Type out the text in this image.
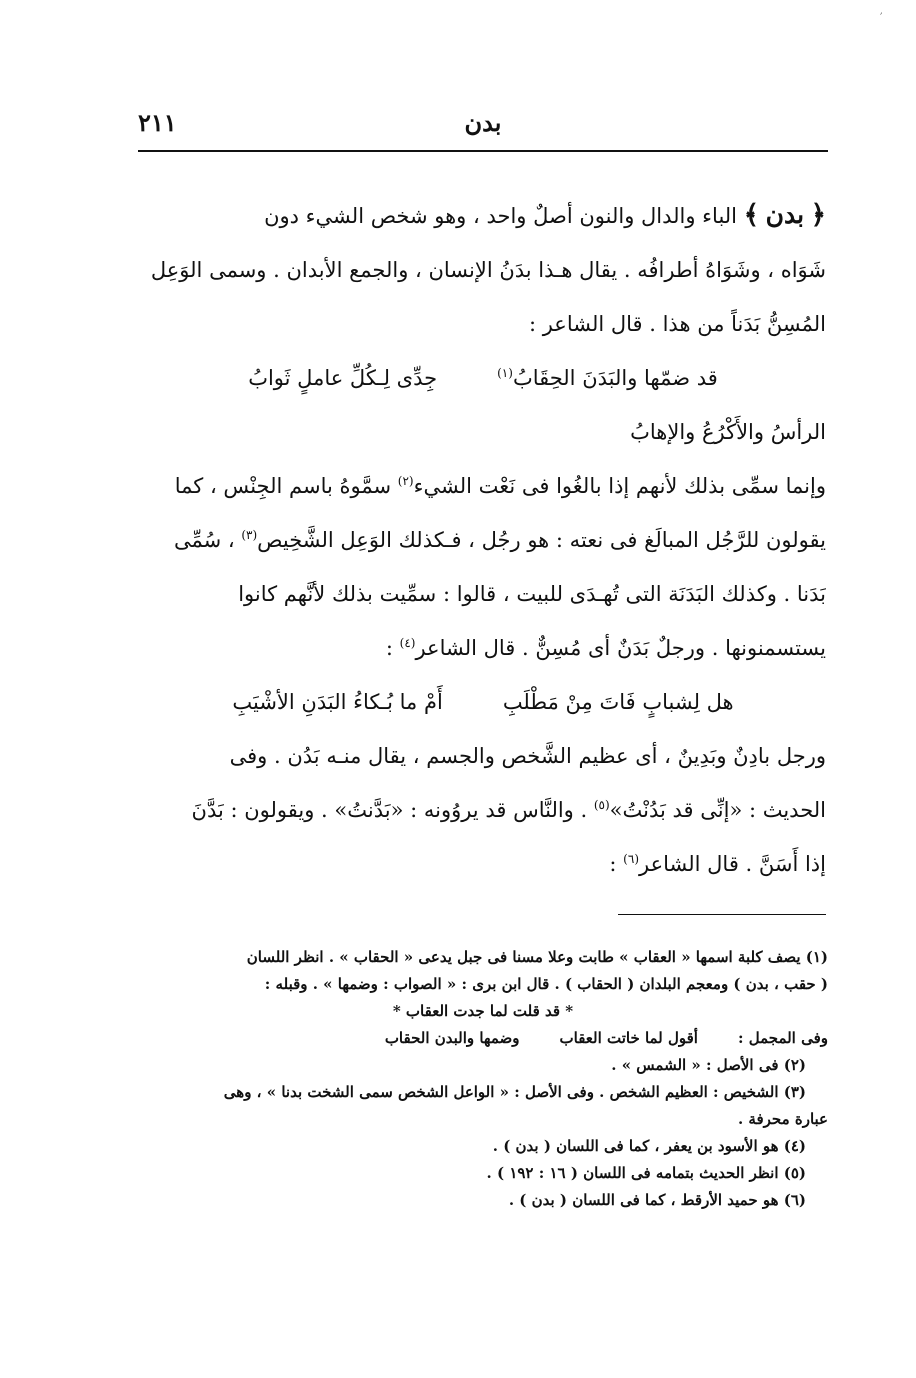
׳
بدن
٢١١
﴿ بدن ﴾ الباء والدال والنون أصلٌ واحد ، وهو شخص الشيء دون
شَوَاه ، وشَوَاهُ أطرافُه . يقال هـذا بدَنُ الإنسان ، والجمع الأبدان . وسمى الوَعِل
المُسِنُّ بَدَناً من هذا . قال الشاعر :
قد ضمّها والبَدَنَ الحِقَابُ$^{(١)}$
جِدِّى لِـكُلِّ عاملٍ ثَوابُ
الرأسُ والأَكْرُعُ والإهابُ
وإنما سمِّى بذلك لأنهم إذا بالغُوا فى نَعْت الشيء$^{(٢)}$ سمَّوهُ باسم الجِنْس ، كما
يقولون للرَّجُل المبالَغ فى نعته : هو رجُل ، فـكذلك الوَعِل الشَّخِيص$^{(٣)}$ ، سُمِّى
بَدَنا . وكذلك البَدَنَة التى تُهـدَى للبيت ، قالوا : سمِّيت بذلك لأنَّهم كانوا
يستسمنونها . ورجلٌ بَدَنٌ أى مُسِنٌّ . قال الشاعر$^{(٤)}$ :
هل لِشبابٍ فَاتَ مِنْ مَطْلَبِ
أَمْ ما بُـكاءُ البَدَنِ الأشْيَبِ
ورجل بادِنٌ وبَدِينٌ ، أى عظيم الشَّخص والجسم ، يقال منـه بَدُن . وفى
الحديث : «إنِّى قد بَدُنْتُ»$^{(٥)}$ . والنَّاس قد يروُونه : «بَدَّنتُ» . ويقولون : بَدَّنَ
إذا أَسَنَّ . قال الشاعر$^{(٦)}$ :
(١) يصف كلبة اسمها « العقاب » طابت وعلا مسنا فى جبل يدعى « الحقاب » . انظر اللسان
( حقب ، بدن ) ومعجم البلدان ( الحقاب ) . قال ابن برى : « الصواب : وضمها » . وقبله :
* قد قلت لما جدت العقاب *
وفى المجمل :
أقول لما خاتت العقاب
وضمها والبدن الحقاب
(٢) فى الأصل : « الشمس » .
(٣) الشخيص : العظيم الشخص . وفى الأصل : « الواعل الشخص سمى الشخت بدنا » ، وهى
عبارة محرفة .
(٤) هو الأسود بن يعفر ، كما فى اللسان ( بدن ) .
(٥) انظر الحديث بتمامه فى اللسان ( ١٦ : ١٩٢ ) .
(٦) هو حميد الأرقط ، كما فى اللسان ( بدن ) .
